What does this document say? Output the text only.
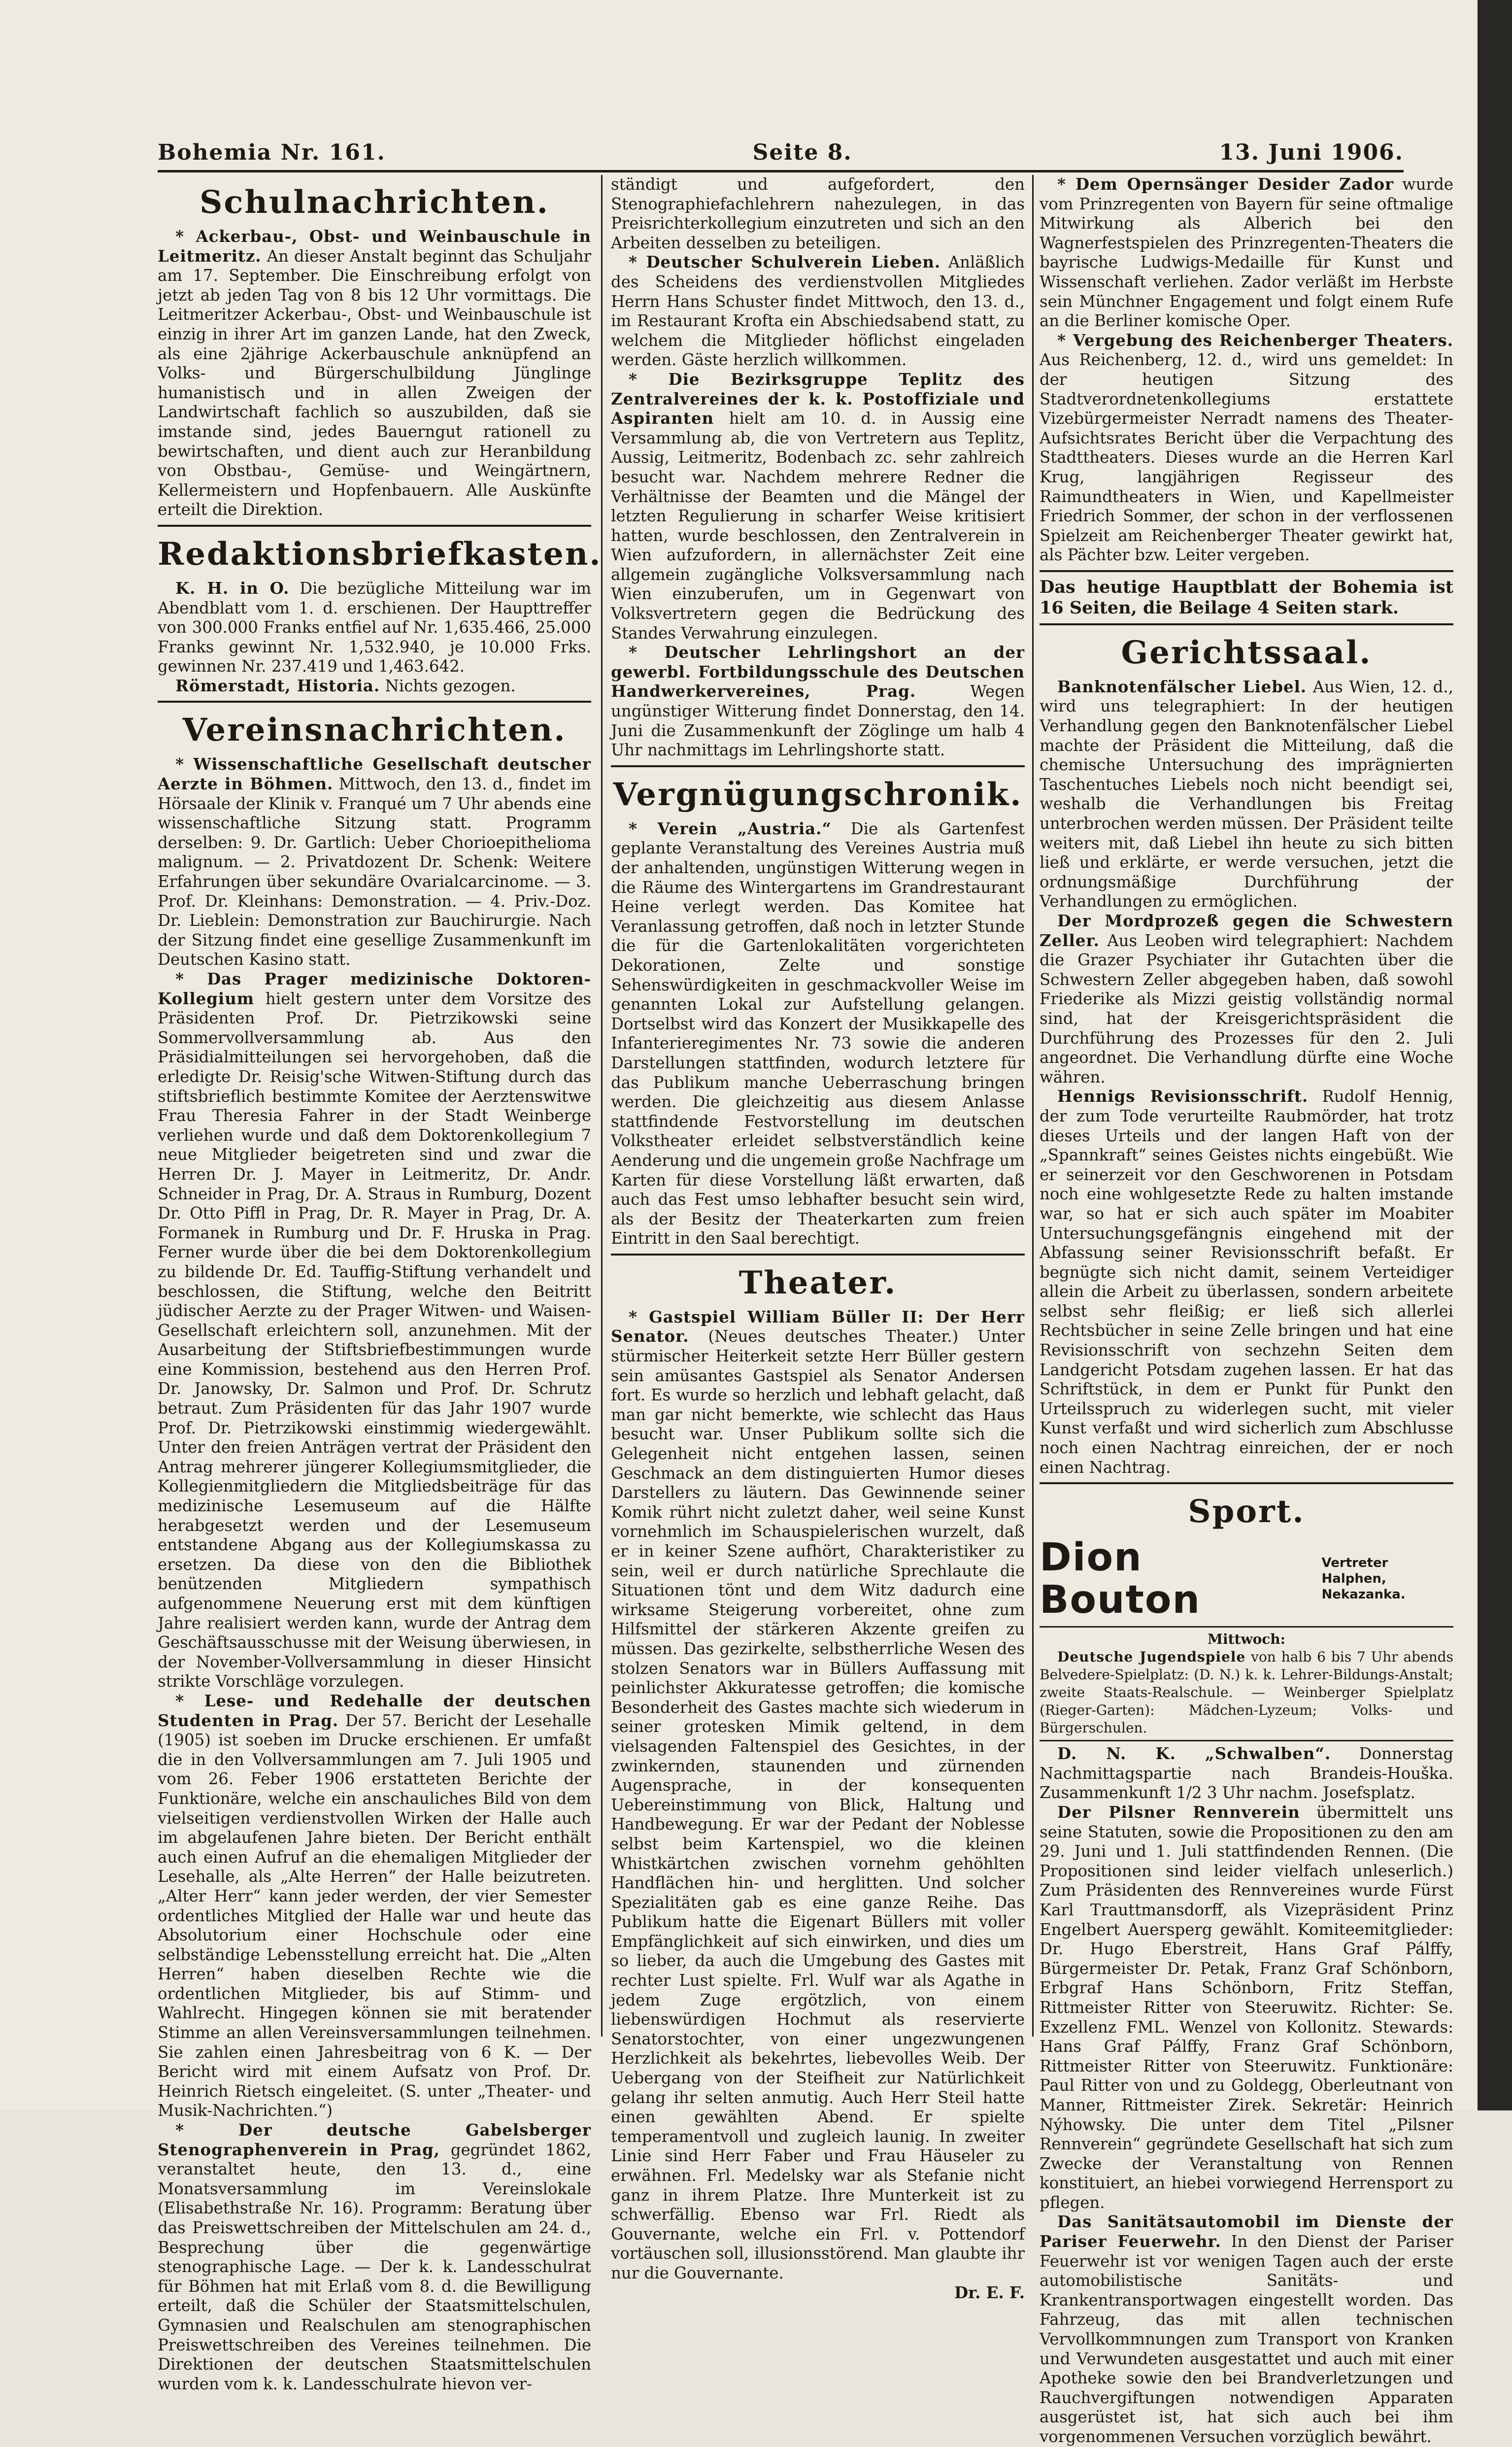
Bohemia Nr. 161.	Seite 8.	13. Juni 1906.
Schulnachrichten.

* Ackerbau-, Obst- und Weinbauschule in Leitmeritz. An dieser Anstalt beginnt das Schuljahr am 17. September. Die Einschreibung erfolgt von jetzt ab jeden Tag von 8 bis 12 Uhr vormittags. Die Leitmeritzer Ackerbau-, Obst- und Weinbauschule ist einzig in ihrer Art im ganzen Lande, hat den Zweck, als eine 2jährige Ackerbauschule anknüpfend an Volks- und Bürgerschulbildung Jünglinge humanistisch und in allen Zweigen der Landwirtschaft fachlich so auszubilden, daß sie imstande sind, jedes Bauerngut rationell zu bewirtschaften, und dient auch zur Heranbildung von Obstbau-, Gemüse- und Weingärtnern, Kellermeistern und Hopfenbauern. Alle Auskünfte erteilt die Direktion.

Redaktionsbriefkasten.

K. H. in O. Die bezügliche Mitteilung war im Abendblatt vom 1. d. erschienen. Der Haupttreffer von 300.000 Franks entfiel auf Nr. 1,635.466, 25.000 Franks gewinnt Nr. 1,532.940, je 10.000 Frks. gewinnen Nr. 237.419 und 1,463.642.

Römerstadt, Historia. Nichts gezogen.

Vereinsnachrichten.

* Wissenschaftliche Gesellschaft deutscher Aerzte in Böhmen. Mittwoch, den 13. d., findet im Hörsaale der Klinik v. Franqué um 7 Uhr abends eine wissenschaftliche Sitzung statt. Programm derselben: 9. Dr. Gartlich: Ueber Chorioepithelioma malignum. — 2. Privatdozent Dr. Schenk: Weitere Erfahrungen über sekundäre Ovarialcarcinome. — 3. Prof. Dr. Kleinhans: Demonstration. — 4. Priv.-Doz. Dr. Lieblein: Demonstration zur Bauchirurgie. Nach der Sitzung findet eine gesellige Zusammenkunft im Deutschen Kasino statt.

* Das Prager medizinische Doktoren-Kollegium hielt gestern unter dem Vorsitze des Präsidenten Prof. Dr. Pietrzikowski seine Sommervollversammlung ab. Aus den Präsidialmitteilungen sei hervorgehoben, daß die erledigte Dr. Reisig'sche Witwen-Stiftung durch das stiftsbrieflich bestimmte Komitee der Aerztenswitwe Frau Theresia Fahrer in der Stadt Weinberge verliehen wurde und daß dem Doktorenkollegium 7 neue Mitglieder beigetreten sind und zwar die Herren Dr. J. Mayer in Leitmeritz, Dr. Andr. Schneider in Prag, Dr. A. Straus in Rumburg, Dozent Dr. Otto Piffl in Prag, Dr. R. Mayer in Prag, Dr. A. Formanek in Rumburg und Dr. F. Hruska in Prag. Ferner wurde über die bei dem Doktorenkollegium zu bildende Dr. Ed. Tauffig-Stiftung verhandelt und beschlossen, die Stiftung, welche den Beitritt jüdischer Aerzte zu der Prager Witwen- und Waisen-Gesellschaft erleichtern soll, anzunehmen. Mit der Ausarbeitung der Stiftsbriefbestimmungen wurde eine Kommission, bestehend aus den Herren Prof. Dr. Janowsky, Dr. Salmon und Prof. Dr. Schrutz betraut. Zum Präsidenten für das Jahr 1907 wurde Prof. Dr. Pietrzikowski einstimmig wiedergewählt. Unter den freien Anträgen vertrat der Präsident den Antrag mehrerer jüngerer Kollegiumsmitglieder, die Kollegienmitgliedern die Mitgliedsbeiträge für das medizinische Lesemuseum auf die Hälfte herabgesetzt werden und der Lesemuseum entstandene Abgang aus der Kollegiumskassa zu ersetzen. Da diese von den die Bibliothek benützenden Mitgliedern sympathisch aufgenommene Neuerung erst mit dem künftigen Jahre realisiert werden kann, wurde der Antrag dem Geschäftsausschusse mit der Weisung überwiesen, in der November-Vollversammlung in dieser Hinsicht strikte Vorschläge vorzulegen.

* Lese- und Redehalle der deutschen Studenten in Prag. Der 57. Bericht der Lesehalle (1905) ist soeben im Drucke erschienen. Er umfaßt die in den Vollversammlungen am 7. Juli 1905 und vom 26. Feber 1906 erstatteten Berichte der Funktionäre, welche ein anschauliches Bild von dem vielseitigen verdienstvollen Wirken der Halle auch im abgelaufenen Jahre bieten. Der Bericht enthält auch einen Aufruf an die ehemaligen Mitglieder der Lesehalle, als „Alte Herren“ der Halle beizutreten. „Alter Herr“ kann jeder werden, der vier Semester ordentliches Mitglied der Halle war und heute das Absolutorium einer Hochschule oder eine selbständige Lebensstellung erreicht hat. Die „Alten Herren“ haben dieselben Rechte wie die ordentlichen Mitglieder, bis auf Stimm- und Wahlrecht. Hingegen können sie mit beratender Stimme an allen Vereinsversammlungen teilnehmen. Sie zahlen einen Jahresbeitrag von 6 K. — Der Bericht wird mit einem Aufsatz von Prof. Dr. Heinrich Rietsch eingeleitet. (S. unter „Theater- und Musik-Nachrichten.“)

* Der deutsche Gabelsberger Stenographenverein in Prag, gegründet 1862, veranstaltet heute, den 13. d., eine Monatsversammlung im Vereinslokale (Elisabethstraße Nr. 16). Programm: Beratung über das Preiswettschreiben der Mittelschulen am 24. d., Besprechung über die gegenwärtige stenographische Lage. — Der k. k. Landesschulrat für Böhmen hat mit Erlaß vom 8. d. die Bewilligung erteilt, daß die Schüler der Staatsmittelschulen, Gymnasien und Realschulen am stenographischen Preiswettschreiben des Vereines teilnehmen. Die Direktionen der deutschen Staatsmittelschulen wurden vom k. k. Landesschulrate hievon ver-

ständigt und aufgefordert, den Stenographiefachlehrern nahezulegen, in das Preisrichterkollegium einzutreten und sich an den Arbeiten desselben zu beteiligen.

* Deutscher Schulverein Lieben. Anläßlich des Scheidens des verdienstvollen Mitgliedes Herrn Hans Schuster findet Mittwoch, den 13. d., im Restaurant Krofta ein Abschiedsabend statt, zu welchem die Mitglieder höflichst eingeladen werden. Gäste herzlich willkommen.

* Die Bezirksgruppe Teplitz des Zentralvereines der k. k. Postoffiziale und Aspiranten hielt am 10. d. in Aussig eine Versammlung ab, die von Vertretern aus Teplitz, Aussig, Leitmeritz, Bodenbach zc. sehr zahlreich besucht war. Nachdem mehrere Redner die Verhältnisse der Beamten und die Mängel der letzten Regulierung in scharfer Weise kritisiert hatten, wurde beschlossen, den Zentralverein in Wien aufzufordern, in allernächster Zeit eine allgemein zugängliche Volksversammlung nach Wien einzuberufen, um in Gegenwart von Volksvertretern gegen die Bedrückung des Standes Verwahrung einzulegen.

* Deutscher Lehrlingshort an der gewerbl. Fortbildungsschule des Deutschen Handwerkervereines, Prag.	Wegen ungünstiger Witterung findet Donnerstag, den 14. Juni die Zusammenkunft der Zöglinge um halb 4 Uhr nachmittags im Lehrlingshorte statt.

Vergnügungschronik.

* Verein „Austria.“ Die als Gartenfest geplante Veranstaltung des Vereines Austria muß der anhaltenden, ungünstigen Witterung wegen in die Räume des Wintergartens im Grandrestaurant Heine verlegt werden. Das Komitee hat Veranlassung getroffen, daß noch in letzter Stunde die für die Gartenlokalitäten vorgerichteten Dekorationen, Zelte und sonstige Sehenswürdigkeiten in geschmackvoller Weise im genannten Lokal zur Aufstellung gelangen. Dortselbst wird das Konzert der Musikkapelle des Infanterieregimentes Nr. 73 sowie die anderen Darstellungen stattfinden, wodurch letztere für das Publikum manche Ueberraschung bringen werden. Die gleichzeitig aus diesem Anlasse stattfindende Festvorstellung im deutschen Volkstheater erleidet selbstverständlich keine Aenderung und die ungemein große Nachfrage um Karten für diese Vorstellung läßt erwarten, daß auch das Fest umso lebhafter besucht sein wird, als der Besitz der Theaterkarten zum freien Eintritt in den Saal berechtigt.

Theater.

* Gastspiel William Büller II: Der Herr Senator. (Neues deutsches Theater.) Unter stürmischer Heiterkeit setzte Herr Büller gestern sein amüsantes Gastspiel als Senator Andersen fort. Es wurde so herzlich und lebhaft gelacht, daß man gar nicht bemerkte, wie schlecht das Haus besucht war. Unser Publikum sollte sich die Gelegenheit nicht entgehen lassen, seinen Geschmack an dem distinguierten Humor dieses Darstellers zu läutern. Das Gewinnende seiner Komik rührt nicht zuletzt daher, weil seine Kunst vornehmlich im Schauspielerischen wurzelt, daß er in keiner Szene aufhört, Charakteristiker zu sein, weil er durch natürliche Sprechlaute die Situationen tönt und dem Witz dadurch eine wirksame Steigerung vorbereitet, ohne zum Hilfsmittel der stärkeren Akzente greifen zu müssen. Das gezirkelte, selbstherrliche Wesen des stolzen Senators war in Büllers Auffassung mit peinlichster Akkuratesse getroffen; die komische Besonderheit des Gastes machte sich wiederum in seiner grotesken Mimik geltend, in dem vielsagenden Faltenspiel des Gesichtes, in der zwinkernden, staunenden und zürnenden Augensprache, in der konsequenten Uebereinstimmung von Blick, Haltung und Handbewegung. Er war der Pedant der Noblesse selbst beim Kartenspiel, wo die kleinen Whistkärtchen zwischen vornehm gehöhlten Handflächen hin- und herglitten. Und solcher Spezialitäten gab es eine ganze Reihe. Das Publikum hatte die Eigenart Büllers mit voller Empfänglichkeit auf sich einwirken, und dies um so lieber, da auch die Umgebung des Gastes mit rechter Lust spielte. Frl. Wulf war als Agathe in jedem Zuge ergötzlich, von einem liebenswürdigen Hochmut als reservierte Senatorstochter, von einer ungezwungenen Herzlichkeit als bekehrtes, liebevolles Weib. Der Uebergang von der Steifheit zur Natürlichkeit gelang ihr selten anmutig. Auch Herr Steil hatte einen gewählten Abend. Er spielte temperamentvoll und zugleich launig. In zweiter Linie sind Herr Faber und Frau Häuseler zu erwähnen. Frl. Medelsky war als Stefanie nicht ganz in ihrem Platze. Ihre Munterkeit ist zu schwerfällig. Ebenso war Frl. Riedt als Gouvernante, welche ein Frl. v. Pottendorf vortäuschen soll, illusionsstörend. Man glaubte ihr nur die Gouvernante.

Dr. E. F.

* Dem Opernsänger Desider Zador wurde vom Prinzregenten von Bayern für seine oftmalige Mitwirkung als Alberich bei den Wagnerfestspielen des Prinzregenten-Theaters die bayrische Ludwigs-Medaille für Kunst und Wissenschaft verliehen. Zador verläßt im Herbste sein Münchner Engagement und folgt einem Rufe an die Berliner komische Oper.

* Vergebung des Reichenberger Theaters. Aus Reichenberg, 12. d., wird uns gemeldet: In der heutigen Sitzung des Stadtverordnetenkollegiums erstattete Vizebürgermeister Nerradt namens des Theater-Aufsichtsrates Bericht über die Verpachtung des Stadttheaters. Dieses wurde an die Herren Karl Krug, langjährigen Regisseur des Raimundtheaters in Wien, und Kapellmeister Friedrich Sommer, der schon in der verflossenen Spielzeit am Reichenberger Theater gewirkt hat, als Pächter bzw. Leiter vergeben.

Das heutige Hauptblatt der Bohemia ist 16 Seiten, die Beilage 4 Seiten stark.

Gerichtssaal.

Banknotenfälscher Liebel. Aus Wien, 12. d., wird uns telegraphiert: In der heutigen Verhandlung gegen den Banknotenfälscher Liebel machte der Präsident die Mitteilung, daß die chemische Untersuchung des imprägnierten Taschentuches Liebels noch nicht beendigt sei, weshalb die Verhandlungen bis Freitag unterbrochen werden müssen. Der Präsident teilte weiters mit, daß Liebel ihn heute zu sich bitten ließ und erklärte, er werde versuchen, jetzt die ordnungsmäßige Durchführung der Verhandlungen zu ermöglichen.

Der Mordprozeß gegen die Schwestern Zeller. Aus Leoben wird telegraphiert: Nachdem die Grazer Psychiater ihr Gutachten über die Schwestern Zeller abgegeben haben, daß sowohl Friederike als Mizzi geistig vollständig normal sind, hat der Kreisgerichtspräsident die Durchführung des Prozesses für den 2. Juli angeordnet. Die Verhandlung dürfte eine Woche währen.

Hennigs Revisionsschrift. Rudolf Hennig, der zum Tode verurteilte Raubmörder, hat trotz dieses Urteils und der langen Haft von der „Spannkraft“ seines Geistes nichts eingebüßt. Wie er seinerzeit vor den Geschworenen in Potsdam noch eine wohlgesetzte Rede zu halten imstande war, so hat er sich auch später im Moabiter Untersuchungsgefängnis eingehend mit der Abfassung seiner Revisionsschrift befaßt. Er begnügte sich nicht damit, seinem Verteidiger allein die Arbeit zu überlassen, sondern arbeitete selbst sehr fleißig; er ließ sich allerlei Rechtsbücher in seine Zelle bringen und hat eine Revisionsschrift von sechzehn Seiten dem Landgericht Potsdam zugehen lassen. Er hat das Schriftstück, in dem er Punkt für Punkt den Urteilsspruch zu widerlegen sucht, mit vieler Kunst verfaßt und wird sicherlich zum Abschlusse noch einen Nachtrag einreichen, der er noch einen Nachtrag.

Sport.
Dion Bouton
Vertreter Halphen,
Nekazanka.

Mittwoch:

Deutsche Jugendspiele von halb 6 bis 7 Uhr abends Belvedere-Spielplatz: (D. N.) k. k. Lehrer-Bildungs-Anstalt; zweite Staats-Realschule. — Weinberger Spielplatz (Rieger-Garten): Mädchen-Lyzeum; Volks- und Bürgerschulen.

D. N. K. „Schwalben“. Donnerstag Nachmittagspartie nach Brandeis-Houška. Zusammenkunft 1/2 3 Uhr nachm. Josefsplatz.

Der Pilsner Rennverein übermittelt uns seine Statuten, sowie die Propositionen zu den am 29. Juni und 1. Juli stattfindenden Rennen. (Die Propositionen sind leider vielfach unleserlich.) Zum Präsidenten des Rennvereines wurde Fürst Karl Trauttmansdorff, als Vizepräsident Prinz Engelbert Auersperg gewählt. Komiteemitglieder: Dr. Hugo Eberstreit, Hans Graf Pálffy, Bürgermeister Dr. Petak, Franz Graf Schönborn, Erbgraf Hans Schönborn, Fritz Steffan, Rittmeister Ritter von Steeruwitz. Richter: Se. Exzellenz FML. Wenzel von Kollonitz. Stewards: Hans Graf Pálffy, Franz Graf Schönborn, Rittmeister Ritter von Steeruwitz. Funktionäre: Paul Ritter von und zu Goldegg, Oberleutnant von Manner, Rittmeister Zirek. Sekretär: Heinrich Nýhowsky. Die unter dem Titel „Pilsner Rennverein“ gegründete Gesellschaft hat sich zum Zwecke der Veranstaltung von Rennen konstituiert, an hiebei vorwiegend Herrensport zu pflegen.

Das Sanitätsautomobil im Dienste der Pariser Feuerwehr. In den Dienst der Pariser Feuerwehr ist vor wenigen Tagen auch der erste automobilistische Sanitäts- und Krankentransportwagen eingestellt worden. Das Fahrzeug, das mit allen technischen Vervollkommnungen zum Transport von Kranken und Verwundeten ausgestattet und auch mit einer Apotheke sowie den bei Brandverletzungen und Rauchvergiftungen notwendigen Apparaten ausgerüstet ist, hat sich auch bei ihm vorgenommenen Versuchen vorzüglich bewährt.
